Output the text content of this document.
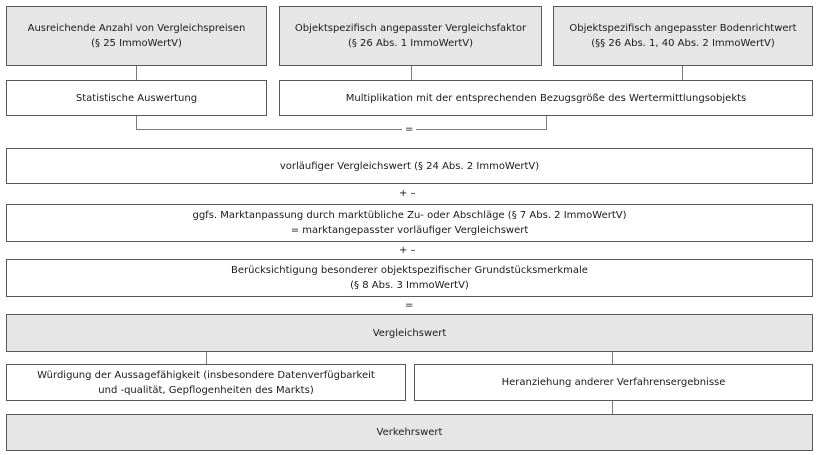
Ausreichende Anzahl von Vergleichspreisen
(§ 25 ImmoWertV)
Objektspezifisch angepasster Vergleichsfaktor
(§ 26 Abs. 1 ImmoWertV)
Objektspezifisch angepasster Bodenrichtwert
(§§ 26 Abs. 1, 40 Abs. 2 ImmoWertV)
Statistische Auswertung	Multiplikation mit der entsprechenden Bezugsgröße des Wertermittlungsobjekts
=
vorläufiger Vergleichswert (§ 24 Abs. 2 ImmoWertV)
+ –
ggfs. Marktanpassung durch marktübliche Zu- oder Abschläge (§ 7 Abs. 2 ImmoWertV)
= marktangepasster vorläufiger Vergleichswert
+ –
Berücksichtigung besonderer objektspezifischer Grundstücksmerkmale
(§ 8 Abs. 3 ImmoWertV)
=
Vergleichswert
Würdigung der Aussagefähigkeit (insbesondere Datenverfügbarkeit
und -qualität, Gepflogenheiten des Markts)
Heranziehung anderer Verfahrensergebnisse
Verkehrswert
